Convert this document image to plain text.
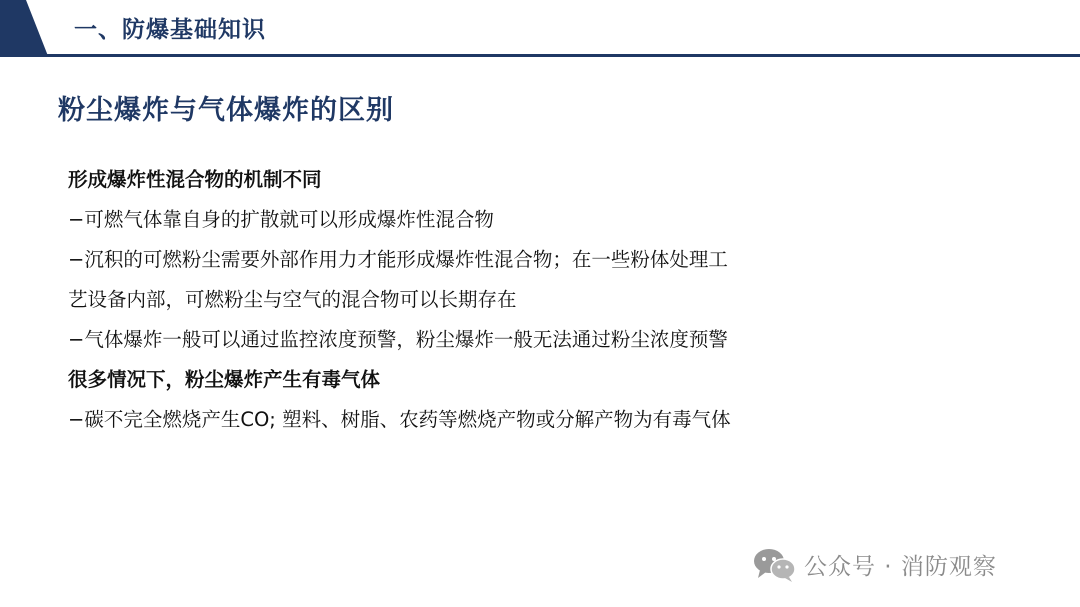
一、防爆基础知识
粉尘爆炸与气体爆炸的区别
形成爆炸性混合物的机制不同
−可燃气体靠自身的扩散就可以形成爆炸性混合物
−沉积的可燃粉尘需要外部作用力才能形成爆炸性混合物；在一些粉体处理工
艺设备内部，可燃粉尘与空气的混合物可以长期存在
−气体爆炸一般可以通过监控浓度预警，粉尘爆炸一般无法通过粉尘浓度预警
很多情况下，粉尘爆炸产生有毒气体
−碳不完全燃烧产生CO; 塑料、树脂、农药等燃烧产物或分解产物为有毒气体
公众号 · 消防观察
